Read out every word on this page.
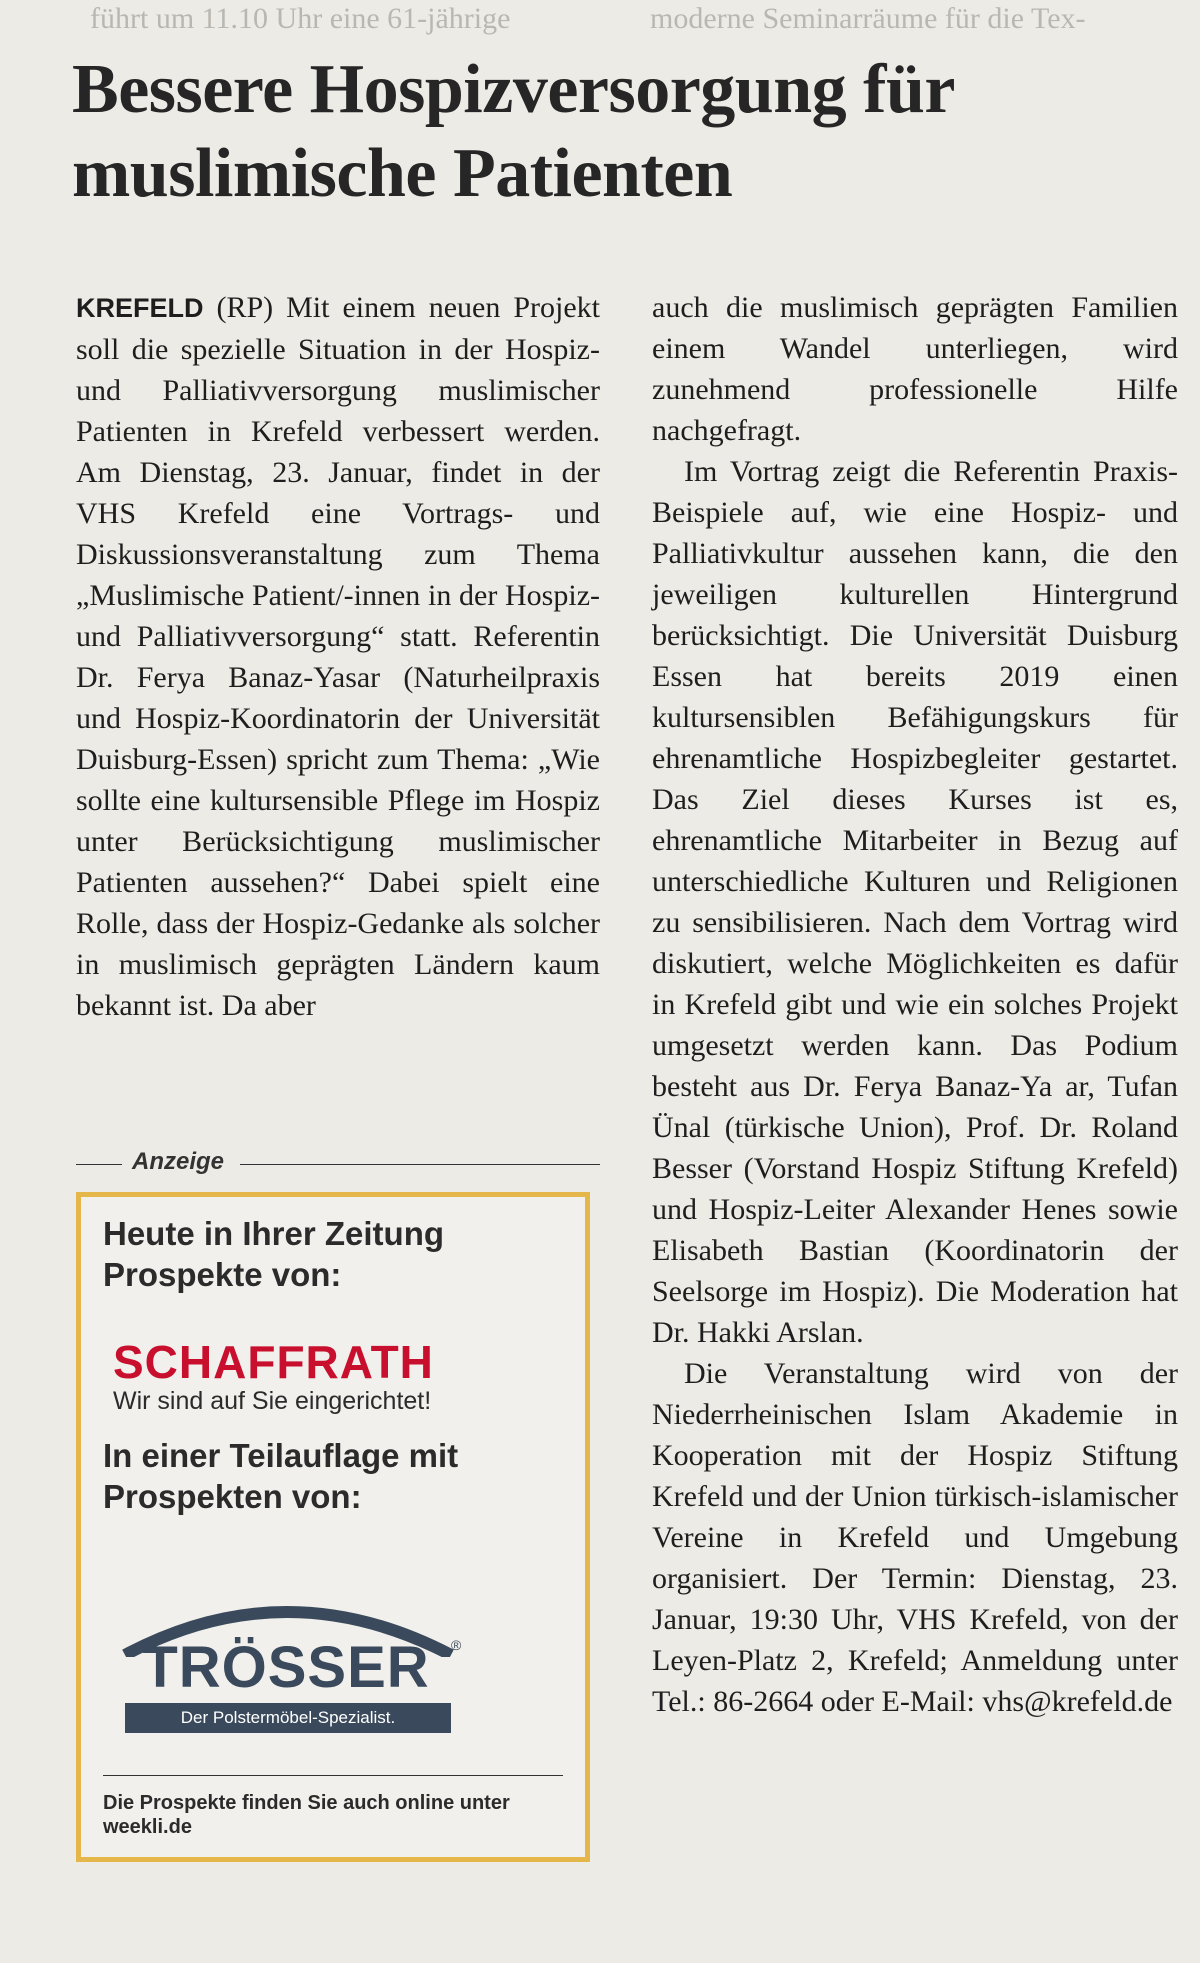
führt um 11.10 Uhr eine 61-jährige	moderne Seminarräume für die Tex-
Bessere Hospizversorgung für muslimische Patienten

KREFELD (RP) Mit einem neuen Projekt soll die spezielle Situation in der Hospiz- und Palliativversorgung muslimischer Patienten in Krefeld verbessert werden. Am Dienstag, 23. Januar, findet in der VHS Krefeld eine Vortrags- und Diskussionsveranstaltung zum Thema „Muslimische Patient/-innen in der Hospiz- und Palliativversorgung“ statt. Referentin Dr. Ferya Banaz-Yasar (Naturheilpraxis und Hospiz-Koordinatorin der Universität Duisburg-Essen) spricht zum Thema: „Wie sollte eine kultursensible Pflege im Hospiz unter Berücksichtigung muslimischer Patienten aussehen?“ Dabei spielt eine Rolle, dass der Hospiz-Gedanke als solcher in muslimisch geprägten Ländern kaum bekannt ist. Da aber

auch die muslimisch geprägten Familien einem Wandel unterliegen, wird zunehmend professionelle Hilfe nachgefragt.

Im Vortrag zeigt die Referentin Praxis-Beispiele auf, wie eine Hospiz- und Palliativkultur aussehen kann, die den jeweiligen kulturellen Hintergrund berücksichtigt. Die Universität Duisburg Essen hat bereits 2019 einen kultursensiblen Befähigungskurs für ehrenamtliche Hospizbegleiter gestartet. Das Ziel dieses Kurses ist es, ehrenamtliche Mitarbeiter in Bezug auf unterschiedliche Kulturen und Religionen zu sensibilisieren. Nach dem Vortrag wird diskutiert, welche Möglichkeiten es dafür in Krefeld gibt und wie ein solches Projekt umgesetzt werden kann. Das Podium besteht aus Dr. Ferya Banaz-Ya ar, Tufan Ünal (türkische Union), Prof. Dr. Roland Besser (Vorstand Hospiz Stiftung Krefeld) und Hospiz-Leiter Alexander Henes sowie Elisabeth Bastian (Koordinatorin der Seelsorge im Hospiz). Die Moderation hat Dr. Hakki Arslan.

Die Veranstaltung wird von der Niederrheinischen Islam Akademie in Kooperation mit der Hospiz Stiftung Krefeld und der Union türkisch-islamischer Vereine in Krefeld und Umgebung organisiert. Der Termin: Dienstag, 23. Januar, 19:30 Uhr, VHS Krefeld, von der Leyen-Platz 2, Krefeld; Anmeldung unter Tel.: 86-2664 oder E-Mail: vhs@krefeld.de

Anzeige
Heute in Ihrer Zeitung Prospekte von:
SCHAFFRATH
Wir sind auf Sie eingerichtet!
In einer Teilauflage mit Prospekten von:
TRÖSSER	®
Der Polstermöbel-Spezialist.
Die Prospekte finden Sie auch online unter weekli.de
